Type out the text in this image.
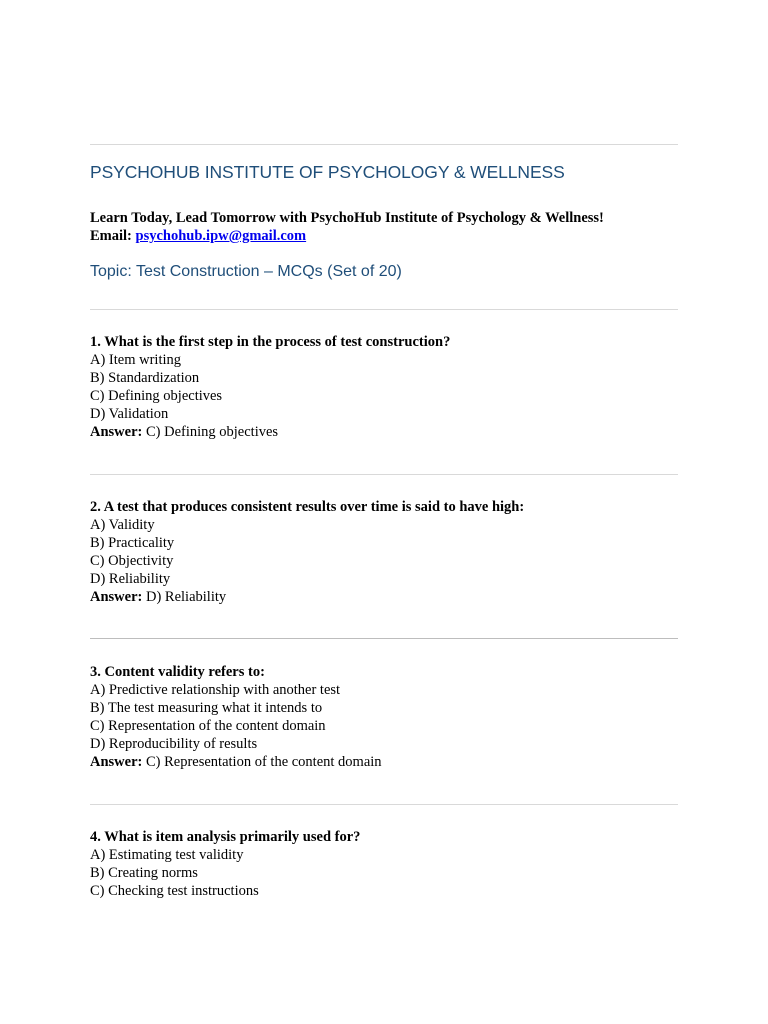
PSYCHOHUB INSTITUTE OF PSYCHOLOGY & WELLNESS
Learn Today, Lead Tomorrow with PsychoHub Institute of Psychology & Wellness!
Email: psychohub.ipw@gmail.com
Topic: Test Construction – MCQs (Set of 20)
1. What is the first step in the process of test construction?
A) Item writing
B) Standardization
C) Defining objectives
D) Validation
Answer: C) Defining objectives
2. A test that produces consistent results over time is said to have high:
A) Validity
B) Practicality
C) Objectivity
D) Reliability
Answer: D) Reliability
3. Content validity refers to:
A) Predictive relationship with another test
B) The test measuring what it intends to
C) Representation of the content domain
D) Reproducibility of results
Answer: C) Representation of the content domain
4. What is item analysis primarily used for?
A) Estimating test validity
B) Creating norms
C) Checking test instructions
